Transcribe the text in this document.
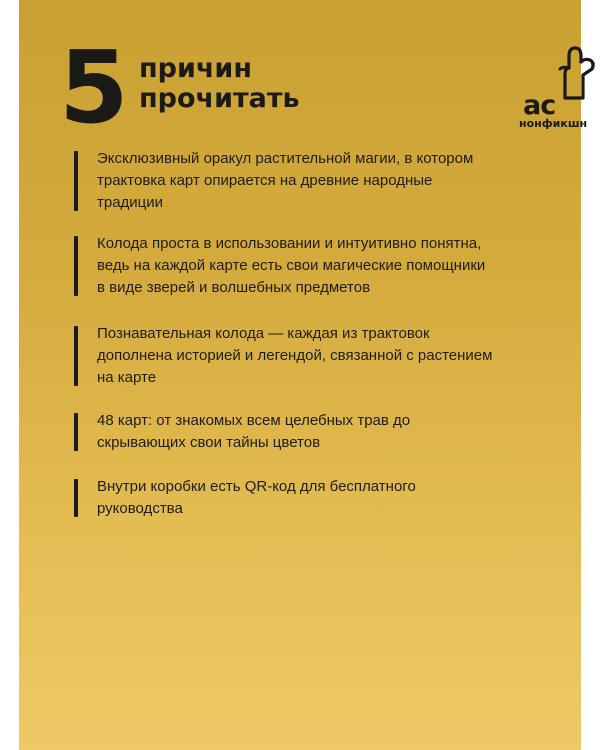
5 причин
прочитать	ас
нонфикшн
Эксклюзивный оракул растительной магии, в котором
трактовка карт опирается на древние народные
традиции
Колода проста в использовании и интуитивно понятна,
ведь на каждой карте есть свои магические помощники
в виде зверей и волшебных предметов
Познавательная колода — каждая из трактовок
дополнена историей и легендой, связанной с растением
на карте
48 карт: от знакомых всем целебных трав до
скрывающих свои тайны цветов
Внутри коробки есть QR-код для бесплатного
руководства
